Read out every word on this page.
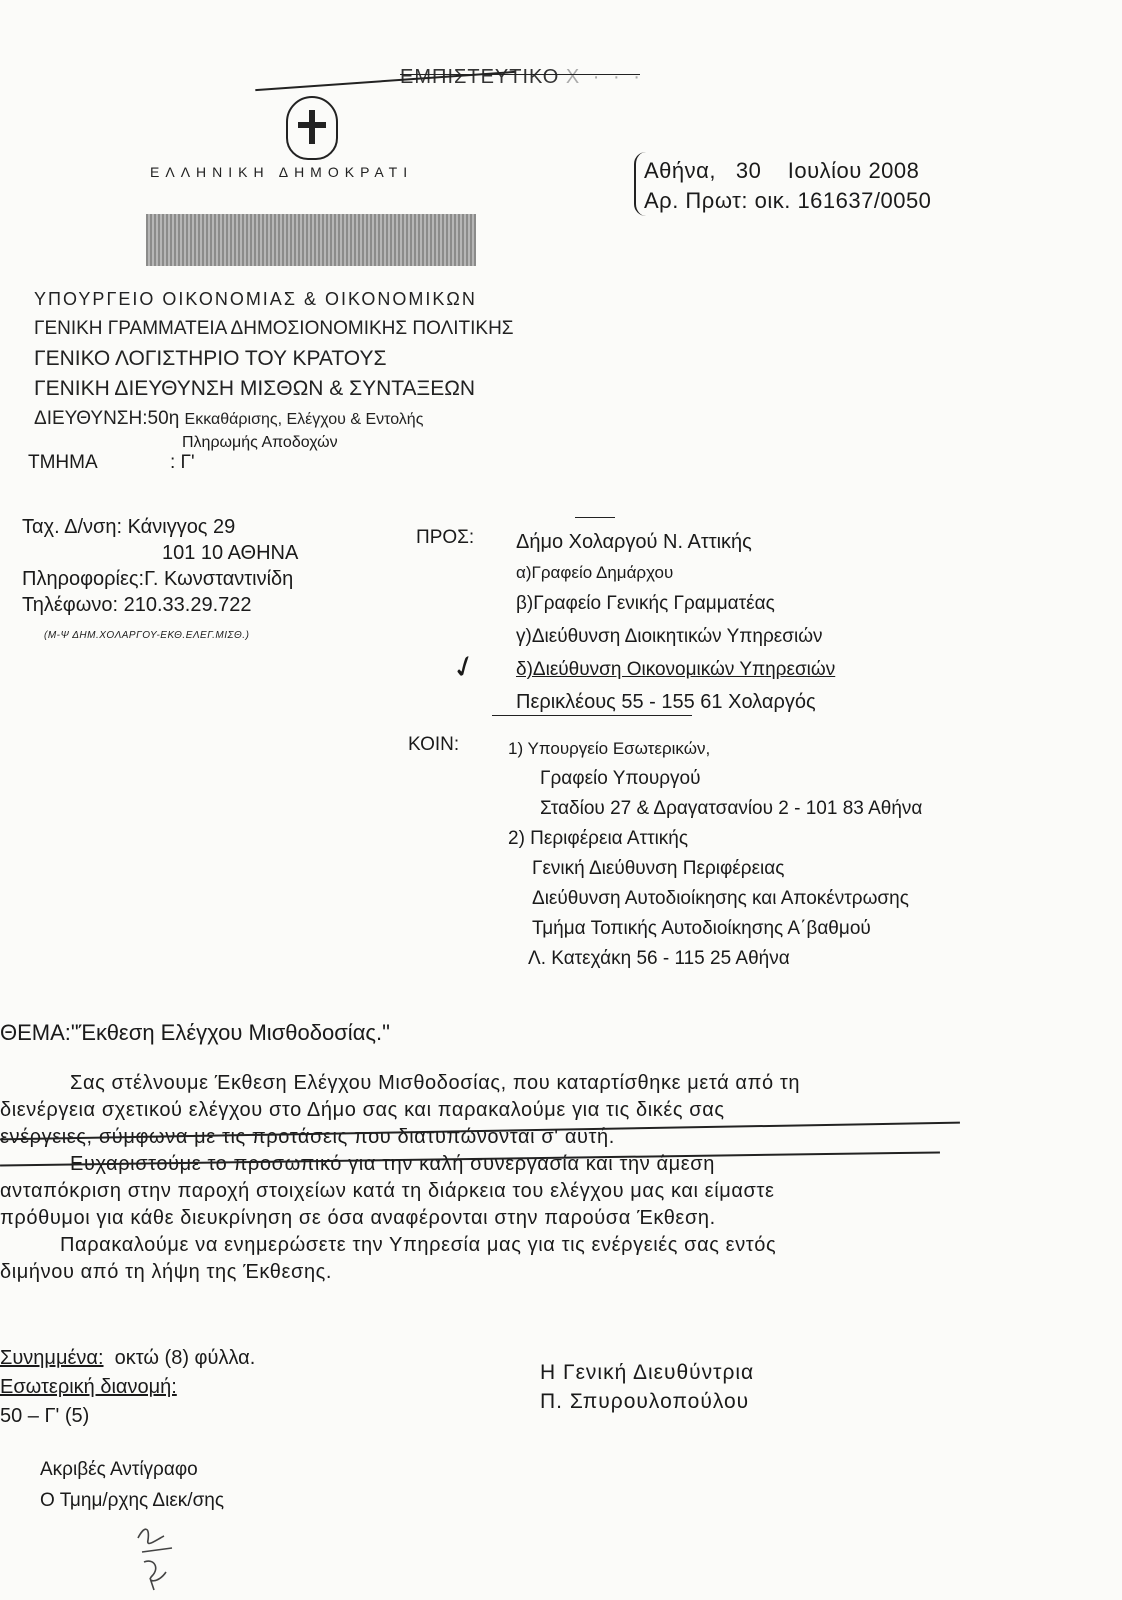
ΕΜΠΙΣΤΕΥΤΙΚΟ Χ · · ·
ΕΛΛΗΝΙΚΗ ΔΗΜΟΚΡΑΤΙ
ΥΠΟΥΡΓΕΙΟ ΟΙΚΟΝΟΜΙΑΣ & ΟΙΚΟΝΟΜΙΚΩΝ
ΓΕΝΙΚΗ ΓΡΑΜΜΑΤΕΙΑ ΔΗΜΟΣΙΟΝΟΜΙΚΗΣ ΠΟΛΙΤΙΚΗΣ
ΓΕΝΙΚΟ ΛΟΓΙΣΤΗΡΙΟ ΤΟΥ ΚΡΑΤΟΥΣ
ΓΕΝΙΚΗ ΔΙΕΥΘΥΝΣΗ ΜΙΣΘΩΝ & ΣΥΝΤΑΞΕΩΝ
ΔΙΕΥΘΥΝΣΗ:50η Εκκαθάρισης, Ελέγχου & Εντολής
Πληρωμής Αποδοχών
ΤΜΗΜΑ	: Γ'
Αθήνα, 30 Ιουλίου 2008
Αρ. Πρωτ: οικ. 161637/0050
Ταχ. Δ/νση: Κάνιγγος 29
101 10 ΑΘΗΝΑ
Πληροφορίες:Γ. Κωνσταντινίδη
Τηλέφωνο: 210.33.29.722
(Μ-Ψ ΔΗΜ.ΧΟΛΑΡΓΟΥ-ΕΚΘ.ΕΛΕΓ.ΜΙΣΘ.)
ΠΡΟΣ: Δήμο Χολαργού Ν. Αττικής
α)Γραφείο Δημάρχου
β)Γραφείο Γενικής Γραμματέας
γ)Διεύθυνση Διοικητικών Υπηρεσιών
δ)Διεύθυνση Οικονομικών Υπηρεσιών
Περικλέους 55 - 155 61 Χολαργός
✓
ΚΟΙΝ:	1) Υπουργείο Εσωτερικών,
Γραφείο Υπουργού
Σταδίου 27 & Δραγατσανίου 2 - 101 83 Αθήνα
2) Περιφέρεια Αττικής
Γενική Διεύθυνση Περιφέρειας
Διεύθυνση Αυτοδιοίκησης και Αποκέντρωσης
Τμήμα Τοπικής Αυτοδιοίκησης Α΄βαθμού
Λ. Κατεχάκη 56 - 115 25 Αθήνα
ΘΕΜΑ:"Έκθεση Ελέγχου Μισθοδοσίας."
Σας στέλνουμε Έκθεση Ελέγχου Μισθοδοσίας, που καταρτίσθηκε μετά από τη
διενέργεια σχετικού ελέγχου στο Δήμο σας και παρακαλούμε για τις δικές σας
ενέργειες, σύμφωνα με τις προτάσεις που διατυπώνονται σ' αυτή.
Ευχαριστούμε το προσωπικό για την καλή συνεργασία και την άμεση
ανταπόκριση στην παροχή στοιχείων κατά τη διάρκεια του ελέγχου μας και είμαστε
πρόθυμοι για κάθε διευκρίνηση σε όσα αναφέρονται στην παρούσα Έκθεση.
Παρακαλούμε να ενημερώσετε την Υπηρεσία μας για τις ενέργειές σας εντός
διμήνου από τη λήψη της Έκθεσης.
Συνημμένα: οκτώ (8) φύλλα.
Εσωτερική διανομή:
50 – Γ' (5)
Ακριβές Αντίγραφο
Ο Τμημ/ρχης Διεκ/σης
Η Γενική Διευθύντρια
Π. Σπυρουλοπούλου
